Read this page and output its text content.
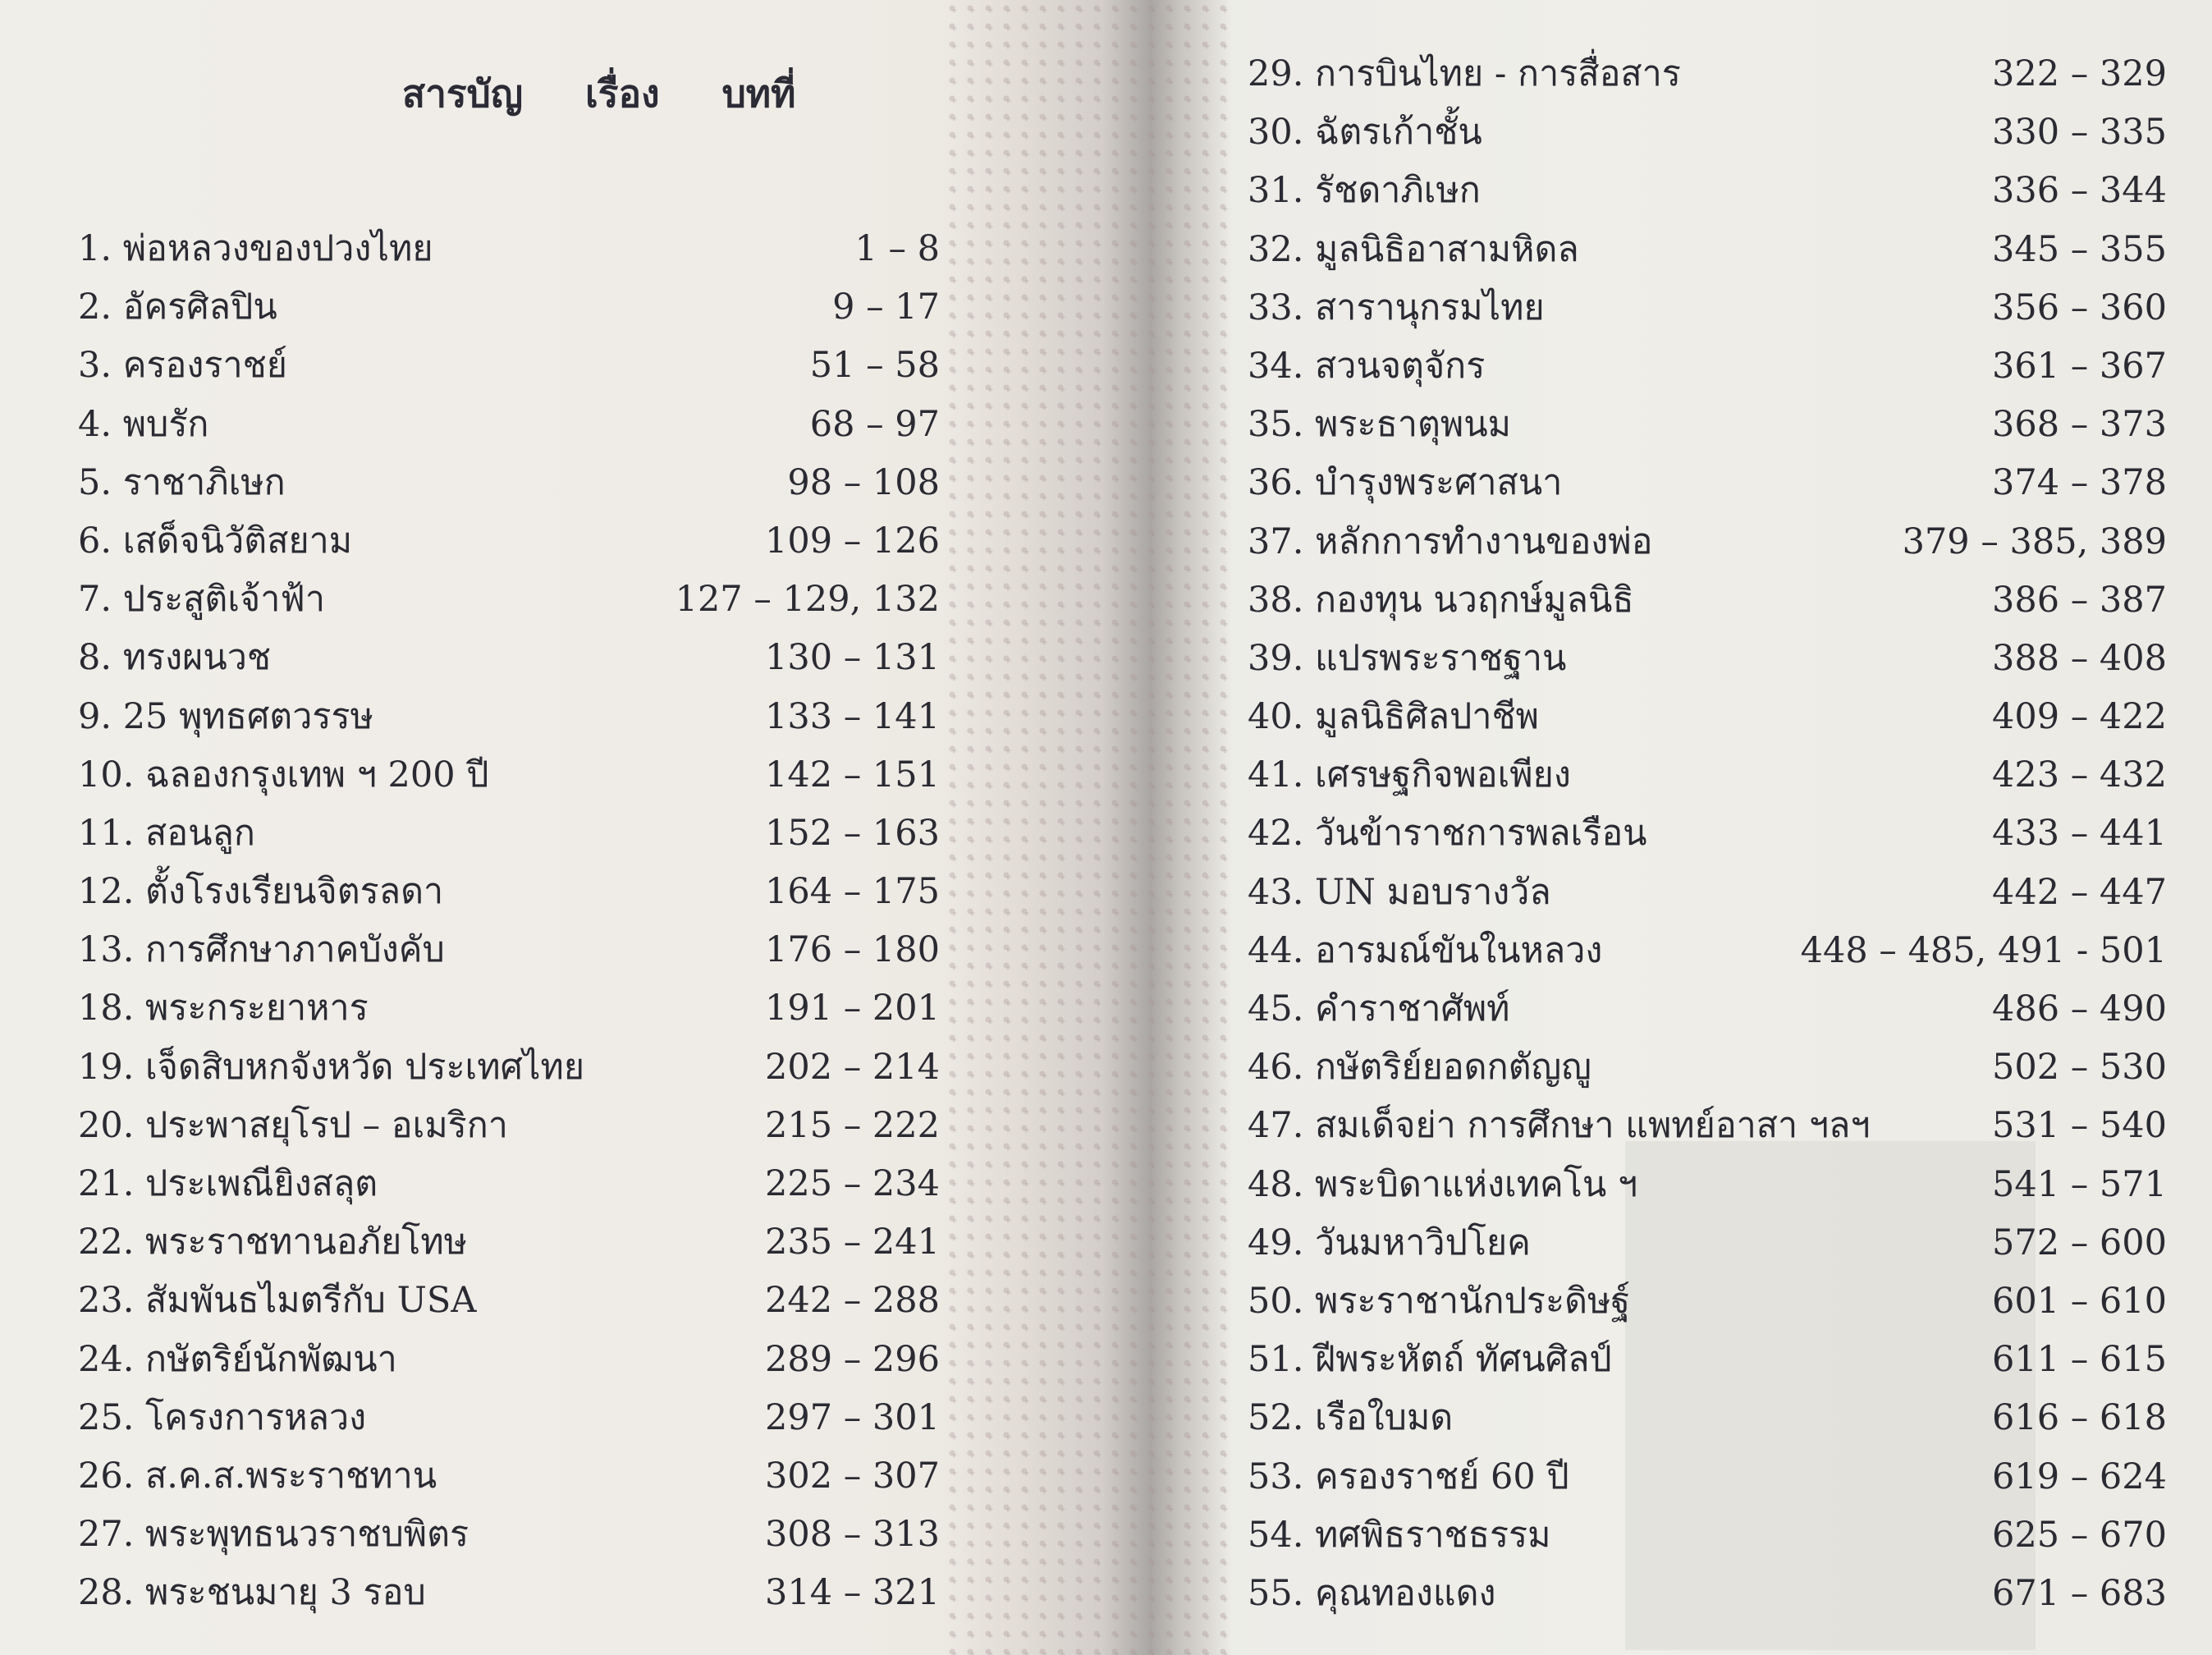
สารบัญ เรื่อง บทที่
1. พ่อหลวงของปวงไทย	1 – 8
2. อัครศิลปิน	9 – 17
3. ครองราชย์	51 – 58
4. พบรัก	68 – 97
5. ราชาภิเษก	98 – 108
6. เสด็จนิวัติสยาม	109 – 126
7. ประสูติเจ้าฟ้า	127 – 129, 132
8. ทรงผนวช	130 – 131
9. 25 พุทธศตวรรษ	133 – 141
10. ฉลองกรุงเทพ ฯ 200 ปี	142 – 151
11. สอนลูก	152 – 163
12. ตั้งโรงเรียนจิตรลดา	164 – 175
13. การศึกษาภาคบังคับ	176 – 180
18. พระกระยาหาร	191 – 201
19. เจ็ดสิบหกจังหวัด ประเทศไทย	202 – 214
20. ประพาสยุโรป – อเมริกา	215 – 222
21. ประเพณียิงสลุต	225 – 234
22. พระราชทานอภัยโทษ	235 – 241
23. สัมพันธไมตรีกับ USA	242 – 288
24. กษัตริย์นักพัฒนา	289 – 296
25. โครงการหลวง	297 – 301
26. ส.ค.ส.พระราชทาน	302 – 307
27. พระพุทธนวราชบพิตร	308 – 313
28. พระชนมายุ 3 รอบ	314 – 321
29. การบินไทย - การสื่อสาร	322 – 329
30. ฉัตรเก้าชั้น	330 – 335
31. รัชดาภิเษก	336 – 344
32. มูลนิธิอาสามหิดล	345 – 355
33. สารานุกรมไทย	356 – 360
34. สวนจตุจักร	361 – 367
35. พระธาตุพนม	368 – 373
36. บำรุงพระศาสนา	374 – 378
37. หลักการทำงานของพ่อ	379 – 385, 389
38. กองทุน นวฤกษ์มูลนิธิ	386 – 387
39. แปรพระราชฐาน	388 – 408
40. มูลนิธิศิลปาชีพ	409 – 422
41. เศรษฐกิจพอเพียง	423 – 432
42. วันข้าราชการพลเรือน	433 – 441
43. UN มอบรางวัล	442 – 447
44. อารมณ์ขันในหลวง	448 – 485, 491 - 501
45. คำราชาศัพท์	486 – 490
46. กษัตริย์ยอดกตัญญู	502 – 530
47. สมเด็จย่า การศึกษา แพทย์อาสา ฯลฯ	531 – 540
48. พระบิดาแห่งเทคโน ฯ	541 – 571
49. วันมหาวิปโยค	572 – 600
50. พระราชานักประดิษฐ์	601 – 610
51. ฝีพระหัตถ์ ทัศนศิลป์	611 – 615
52. เรือใบมด	616 – 618
53. ครองราชย์ 60 ปี	619 – 624
54. ทศพิธราชธรรม	625 – 670
55. คุณทองแดง	671 – 683
